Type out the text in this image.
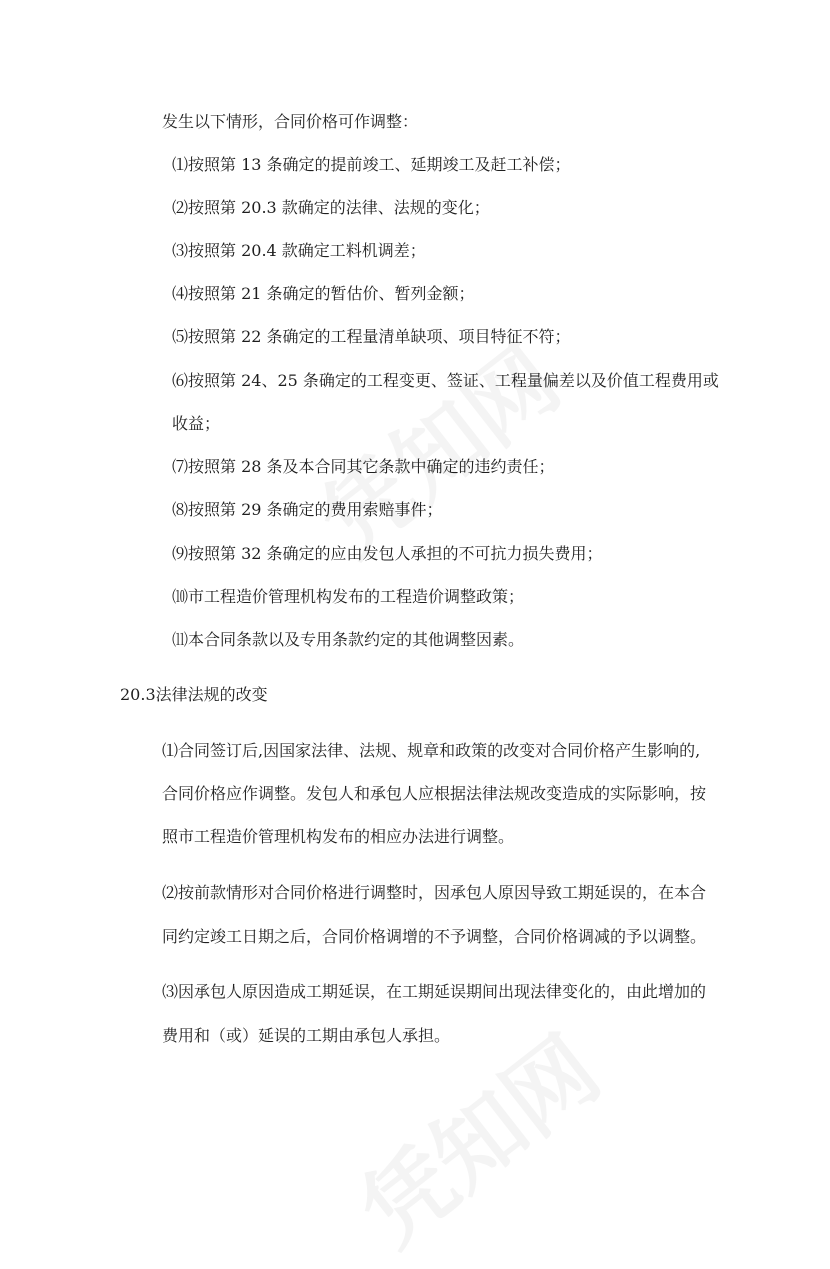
发生以下情形，合同价格可作调整：

⑴按照第 13 条确定的提前竣工、延期竣工及赶工补偿；

⑵按照第 20.3 款确定的法律、法规的变化；

⑶按照第 20.4 款确定工料机调差；

⑷按照第 21 条确定的暂估价、暂列金额；

⑸按照第 22 条确定的工程量清单缺项、项目特征不符；

⑹按照第 24、25 条确定的工程变更、签证、工程量偏差以及价值工程费用或

收益；

⑺按照第 28 条及本合同其它条款中确定的违约责任；

⑻按照第 29 条确定的费用索赔事件；

⑼按照第 32 条确定的应由发包人承担的不可抗力损失费用；

⑽市工程造价管理机构发布的工程造价调整政策；

⑾本合同条款以及专用条款约定的其他调整因素。

20.3法律法规的改变

⑴合同签订后,因国家法律、法规、规章和政策的改变对合同价格产生影响的,

合同价格应作调整。发包人和承包人应根据法律法规改变造成的实际影响，按

照市工程造价管理机构发布的相应办法进行调整。

⑵按前款情形对合同价格进行调整时，因承包人原因导致工期延误的，在本合

同约定竣工日期之后，合同价格调增的不予调整，合同价格调减的予以调整。

⑶因承包人原因造成工期延误，在工期延误期间出现法律变化的，由此增加的

费用和（或）延误的工期由承包人承担。
